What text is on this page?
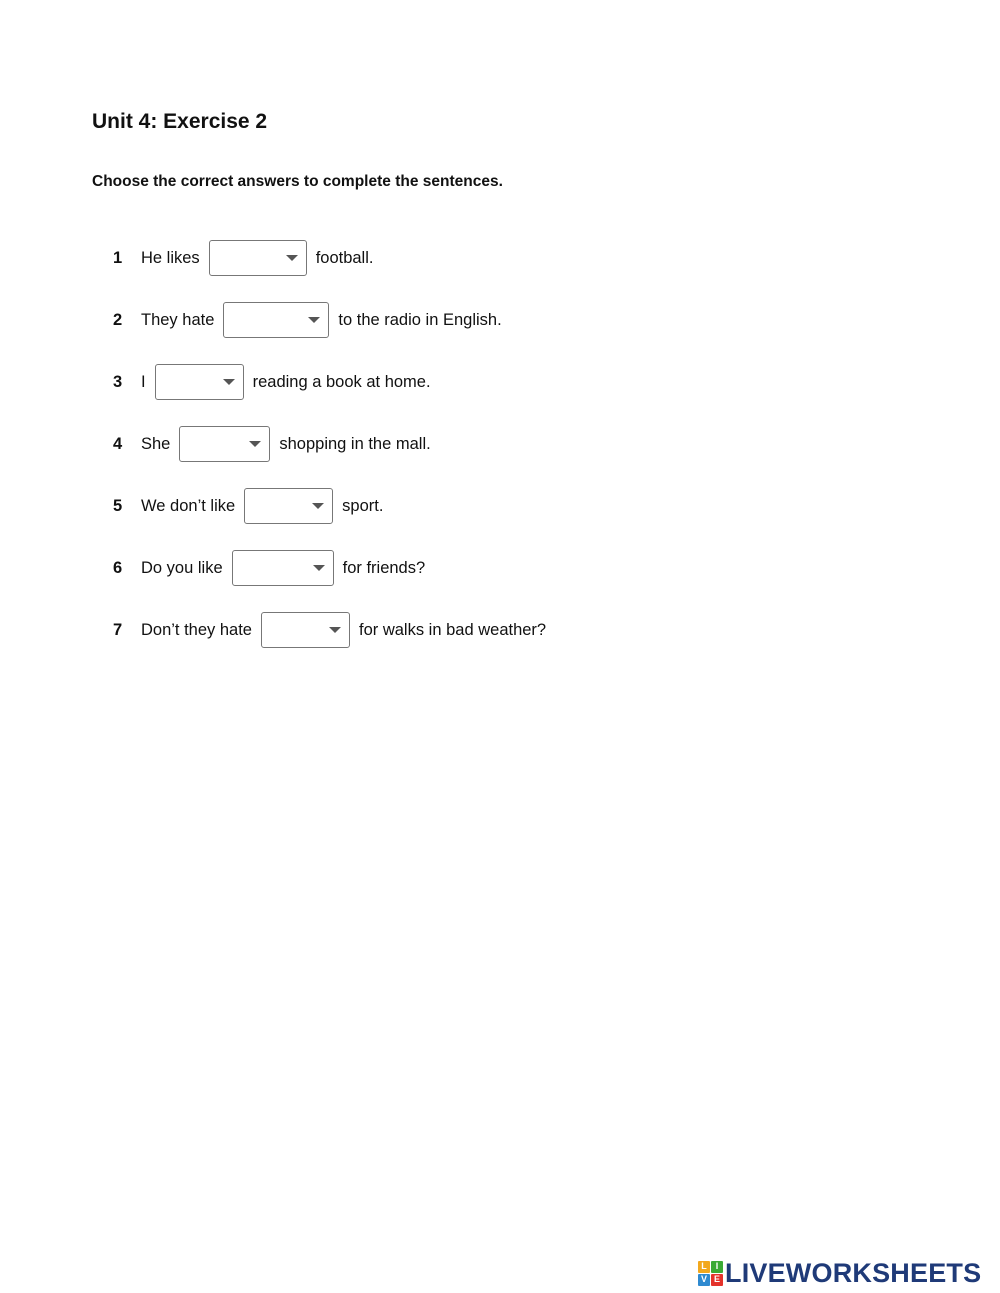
Unit 4: Exercise 2

Choose the correct answers to complete the sentences.

1	He likes	football.
2	They hate	to the radio in English.
3	I	reading a book at home.
4	She	shopping in the mall.
5	We don’t like	sport.
6	Do you like	for friends?
7	Don’t they hate	for walks in bad weather?
L I
V E LIVEWORKSHEETS
